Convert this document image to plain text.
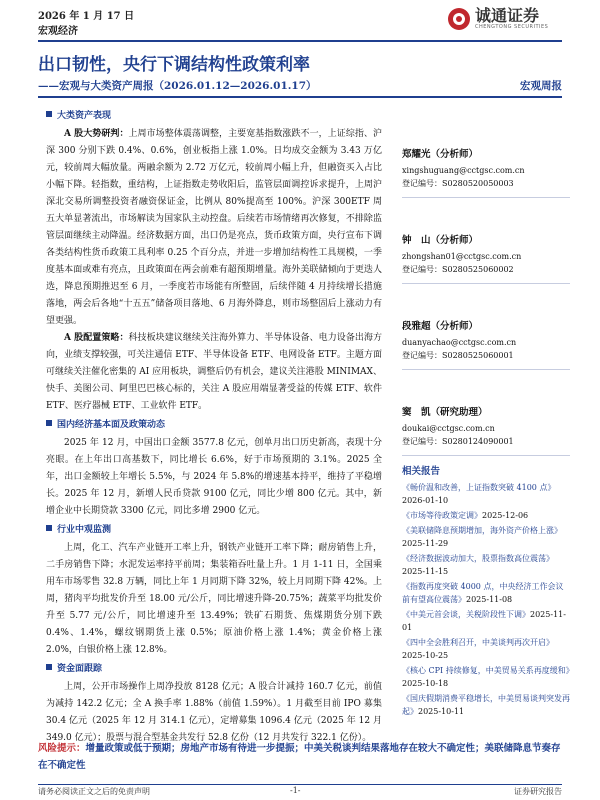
2026 年 1 月 17 日
宏观经济
诚通证券
CHENGTONG SECURITIES
出口韧性，央行下调结构性政策利率
——宏观与大类资产周报（2026.01.12—2026.01.17）	宏观周报
大类资产表现

A 股大势研判：上周市场整体震荡调整，主要宽基指数涨跌不一，上证综指、沪深 300 分别下跌 0.4%、0.6%，创业板指上涨 1.0%。日均成交金额为 3.43 万亿元，较前周大幅放量。两融余额为 2.72 万亿元，较前周小幅上升，但融资买入占比小幅下降。轻指数，重结构，上证指数走势收阳后，监管层面调控诉求提升，上周沪深北交易所调整投资者融资保证金，比例从 80%提高至 100%。沪深 300ETF 周五大单显著流出，市场解读为国家队主动控盘。后续若市场情绪再次修复，不排除监管层面继续主动降温。经济数据方面，出口仍是亮点，货币政策方面，央行宣布下调各类结构性货币政策工具利率 0.25 个百分点，并进一步增加结构性工具规模，一季度基本面或难有亮点，且政策面在两会前难有超预期增量。海外美联储倾向于更迭人选，降息预期推迟至 6 月，一季度若市场能有所整固，后续伴随 4 月持续增长措施落地，两会后各地“十五五”储备项目落地、6 月海外降息，则市场整固后上涨动力有望更强。

A 股配置策略：科技板块建议继续关注海外算力、半导体设备、电力设备出海方向，业绩支撑较强，可关注通信 ETF、半导体设备 ETF、电网设备 ETF。主题方面可继续关注催化密集的 AI 应用板块，调整后仍有机会，建议关注港股 MINIMAX、快手、美图公司、阿里巴巴核心标的，关注 A 股应用端显著受益的传媒 ETF、软件 ETF、医疗器械 ETF、工业软件 ETF。

国内经济基本面及政策动态

2025 年 12 月，中国出口金额 3577.8 亿元，创单月出口历史新高，表现十分亮眼。在上年出口高基数下，同比增长 6.6%，好于市场预期的 3.1%。2025 全年，出口金额较上年增长 5.5%，与 2024 年 5.8%的增速基本持平，维持了平稳增长。2025 年 12 月，新增人民币贷款 9100 亿元，同比少增 800 亿元。其中，新增企业中长期贷款 3300 亿元，同比多增 2900 亿元。

行业中观监测

上周，化工、汽车产业链开工率上升，钢铁产业链开工率下降；耐房销售上升，二手房销售下降；水泥发运率持平前周；集装箱吞吐量上升。1 月 1-11 日，全国乘用车市场零售 32.8 万辆，同比上年 1 月同期下降 32%，较上月同期下降 42%。上周，猪肉平均批发价升至 18.00 元/公斤，同比增速升降-20.75%；蔬菜平均批发价升至 5.77 元/公斤，同比增速升至 13.49%；铁矿石期货、焦煤期货分别下跌 0.4%、1.4%，螺纹钢期货上涨 0.5%；原油价格上涨 1.4%；黄金价格上涨 2.0%，白银价格上涨 12.8%。

资金面跟踪

上周，公开市场操作上周净投放 8128 亿元；A 股合计减持 160.7 亿元，前值为减持 142.2 亿元；全 A 换手率 1.88%（前值 1.59%）。1 月截至目前 IPO 募集 30.4 亿元（2025 年 12 月 314.1 亿元），定增募集 1096.4 亿元（2025 年 12 月 349.0 亿元）；股票与混合型基金共发行 52.8 亿份（12 月共发行 322.1 亿份）。

郑耀光（分析师）
xingshuguang@cctgsc.com.cn
登记编号：S0280520050003
钟　山（分析师）
zhongshan01@cctgsc.com.cn
登记编号：S0280525060002
段雅超（分析师）
duanyachao@cctgsc.com.cn
登记编号：S0280525060001
窦　凯（研究助理）
doukai@cctgsc.com.cn
登记编号：S0280124090001
相关报告
《畅价温和改善，上证指数突破 4100 点》2026-01-10
《市场等待政策定调》2025-12-06
《美联储降息预期增加，海外资产价格上涨》2025-11-29
《经济数据波动加大，股票指数高位震荡》2025-11-15
《指数再度突破 4000 点，中央经济工作会议前有望高位震荡》2025-11-08
《中美元首会谈，关税阶段性下调》2025-11-01
《四中全会胜利召开，中美谈判再次开启》2025-10-25
《核心 CPI 持续修复，中美贸易关系再度缓和》2025-10-18
《国庆假期消费平稳增长，中美贸易谈判突发再起》2025-10-11
风险提示：增量政策或低于预期；房地产市场有待进一步提振；中美关税谈判结果落地存在较大不确定性；美联储降息节奏存在不确定性
请务必阅读正文之后的免责声明	-1-	证券研究报告
